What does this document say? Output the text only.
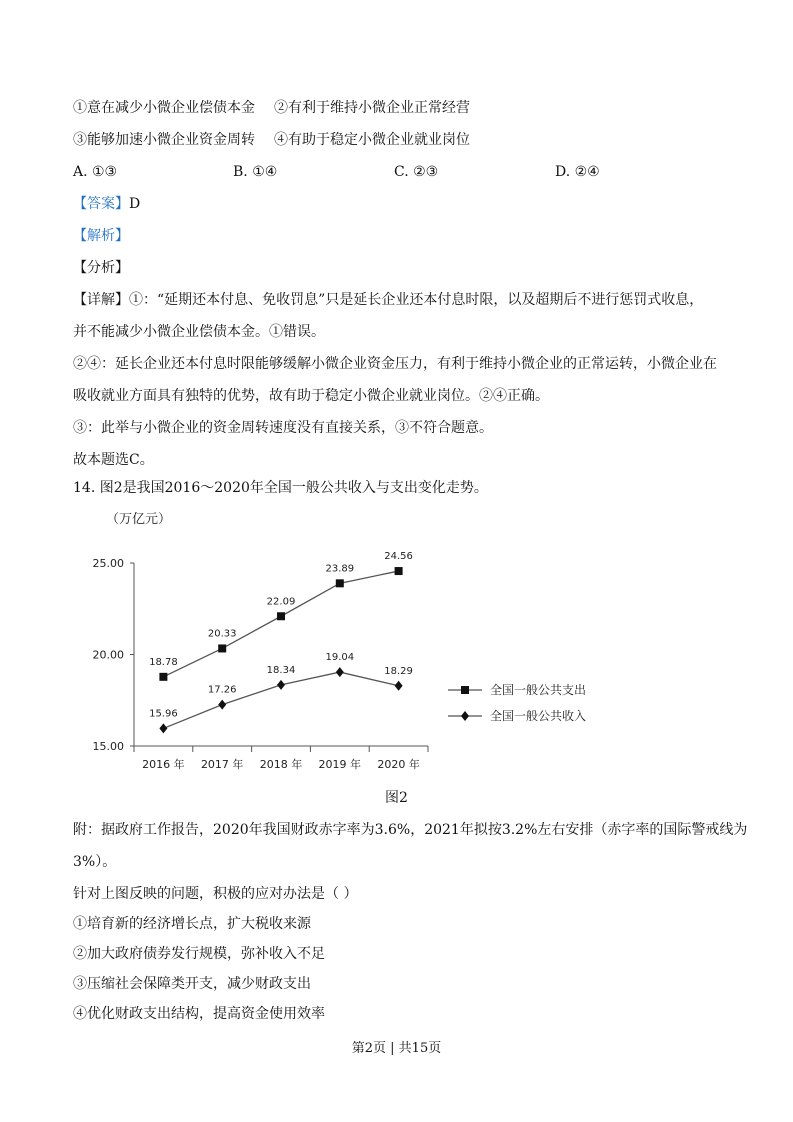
①意在减少小微企业偿债本金 ②有利于维持小微企业正常经营
③能够加速小微企业资金周转 ④有助于稳定小微企业就业岗位
A. ①③	B. ①④	C. ②③	D. ②④
【答案】D
【解析】
【分析】
【详解】①：“延期还本付息、免收罚息”只是延长企业还本付息时限，以及超期后不进行惩罚式收息，
并不能减少小微企业偿债本金。①错误。
②④：延长企业还本付息时限能够缓解小微企业资金压力，有利于维持小微企业的正常运转，小微企业在
吸收就业方面具有独特的优势，故有助于稳定小微企业就业岗位。②④正确。
③：此举与小微企业的资金周转速度没有直接关系，③不符合题意。
故本题选C。
14. 图2是我国2016～2020年全国一般公共收入与支出变化走势。
（万亿元）
15.00
20.00
25.00
2016 年 2017 年 2018 年 2019 年 2020 年
18.78
20.33
22.09
23.89
24.56
15.96
17.26
18.34
19.04
18.29
全国一般公共支出
全国一般公共收入
图2
附：据政府工作报告，2020年我国财政赤字率为3.6%，2021年拟按3.2%左右安排（赤字率的国际警戒线为
3%）。
针对上图反映的问题，积极的应对办法是（ ）
①培育新的经济增长点，扩大税收来源
②加大政府债券发行规模，弥补收入不足
③压缩社会保障类开支，减少财政支出
④优化财政支出结构，提高资金使用效率
第2页 | 共15页
